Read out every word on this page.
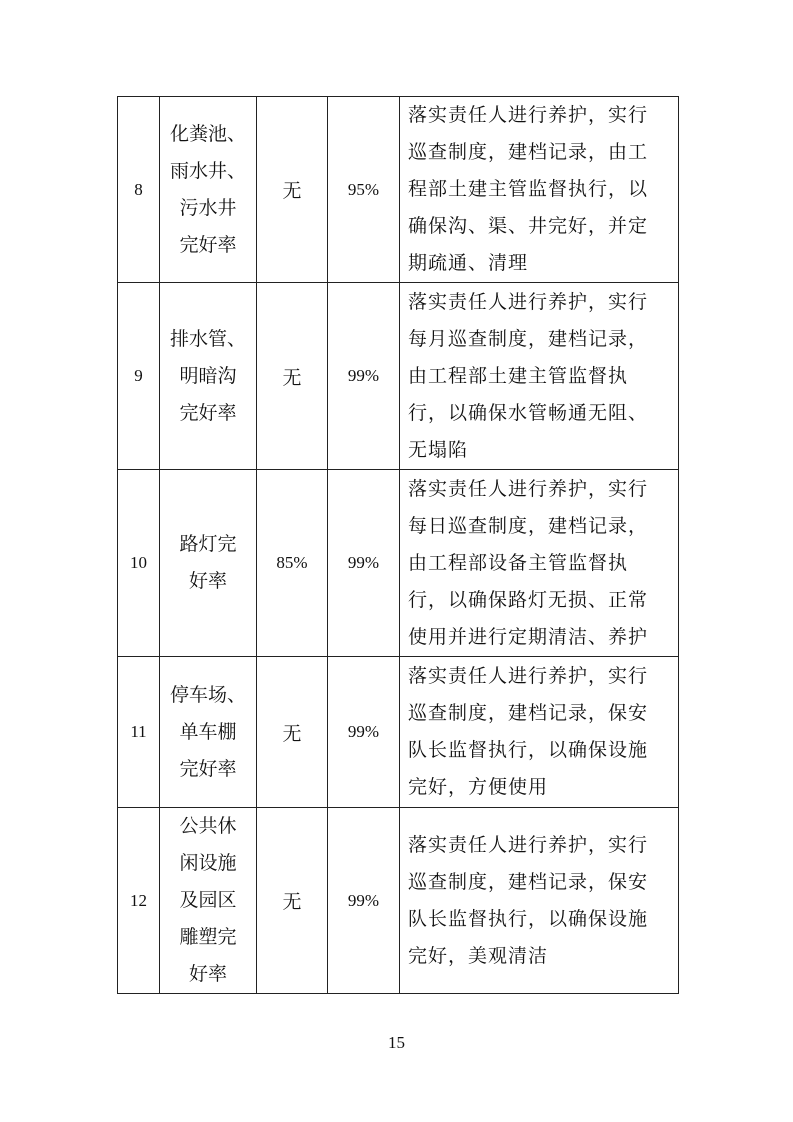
8	化粪池、
雨水井、
污水井
完好率	无	95%	落实责任人进行养护，实行
巡查制度，建档记录，由工
程部土建主管监督执行，以
确保沟、渠、井完好，并定
期疏通、清理

9	排水管、
明暗沟
完好率	无	99%	落实责任人进行养护，实行
每月巡查制度，建档记录，
由工程部土建主管监督执
行，以确保水管畅通无阻、
无塌陷

10	路灯完
好率	85%	99%	落实责任人进行养护，实行
每日巡查制度，建档记录，
由工程部设备主管监督执
行，以确保路灯无损、正常
使用并进行定期清洁、养护

11	停车场、
单车棚
完好率	无	99%	落实责任人进行养护，实行
巡查制度，建档记录，保安
队长监督执行，以确保设施
完好，方便使用

12	公共休
闲设施
及园区
雕塑完
好率	无	99%	落实责任人进行养护，实行
巡查制度，建档记录，保安
队长监督执行，以确保设施
完好，美观清洁
15
